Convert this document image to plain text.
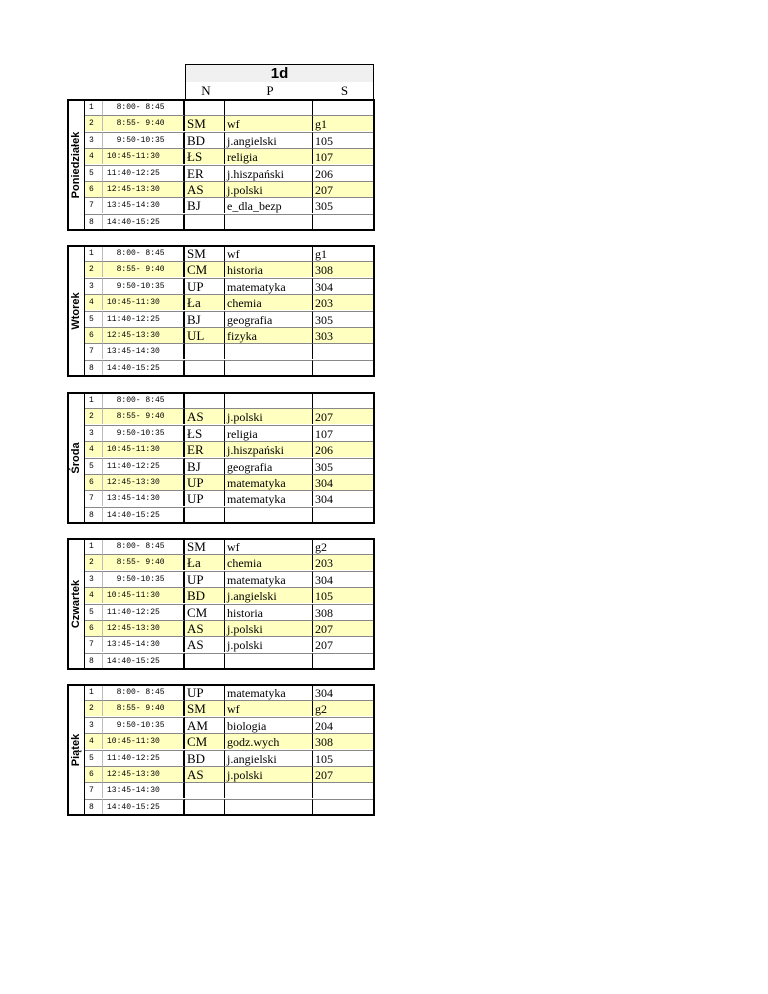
1d
N	P	S
Poniedziałek
1	8:00- 8:45
2	8:55- 9:40	SM	wf	g1
3	9:50-10:35	BD	j.angielski	105
4	10:45-11:30	ŁS	religia	107
5	11:40-12:25	ER	j.hiszpański	206
6	12:45-13:30	AS	j.polski	207
7	13:45-14:30	BJ	e_dla_bezp	305
8	14:40-15:25
Wtorek
1	8:00- 8:45	SM	wf	g1
2	8:55- 9:40	CM	historia	308
3	9:50-10:35	UP	matematyka	304
4	10:45-11:30	Ła	chemia	203
5	11:40-12:25	BJ	geografia	305
6	12:45-13:30	UL	fizyka	303
7	13:45-14:30
8	14:40-15:25
Środa
1	8:00- 8:45
2	8:55- 9:40	AS	j.polski	207
3	9:50-10:35	ŁS	religia	107
4	10:45-11:30	ER	j.hiszpański	206
5	11:40-12:25	BJ	geografia	305
6	12:45-13:30	UP	matematyka	304
7	13:45-14:30	UP	matematyka	304
8	14:40-15:25
Czwartek
1	8:00- 8:45	SM	wf	g2
2	8:55- 9:40	Ła	chemia	203
3	9:50-10:35	UP	matematyka	304
4	10:45-11:30	BD	j.angielski	105
5	11:40-12:25	CM	historia	308
6	12:45-13:30	AS	j.polski	207
7	13:45-14:30	AS	j.polski	207
8	14:40-15:25
Piątek
1	8:00- 8:45	UP	matematyka	304
2	8:55- 9:40	SM	wf	g2
3	9:50-10:35	AM	biologia	204
4	10:45-11:30	CM	godz.wych	308
5	11:40-12:25	BD	j.angielski	105
6	12:45-13:30	AS	j.polski	207
7	13:45-14:30
8	14:40-15:25
